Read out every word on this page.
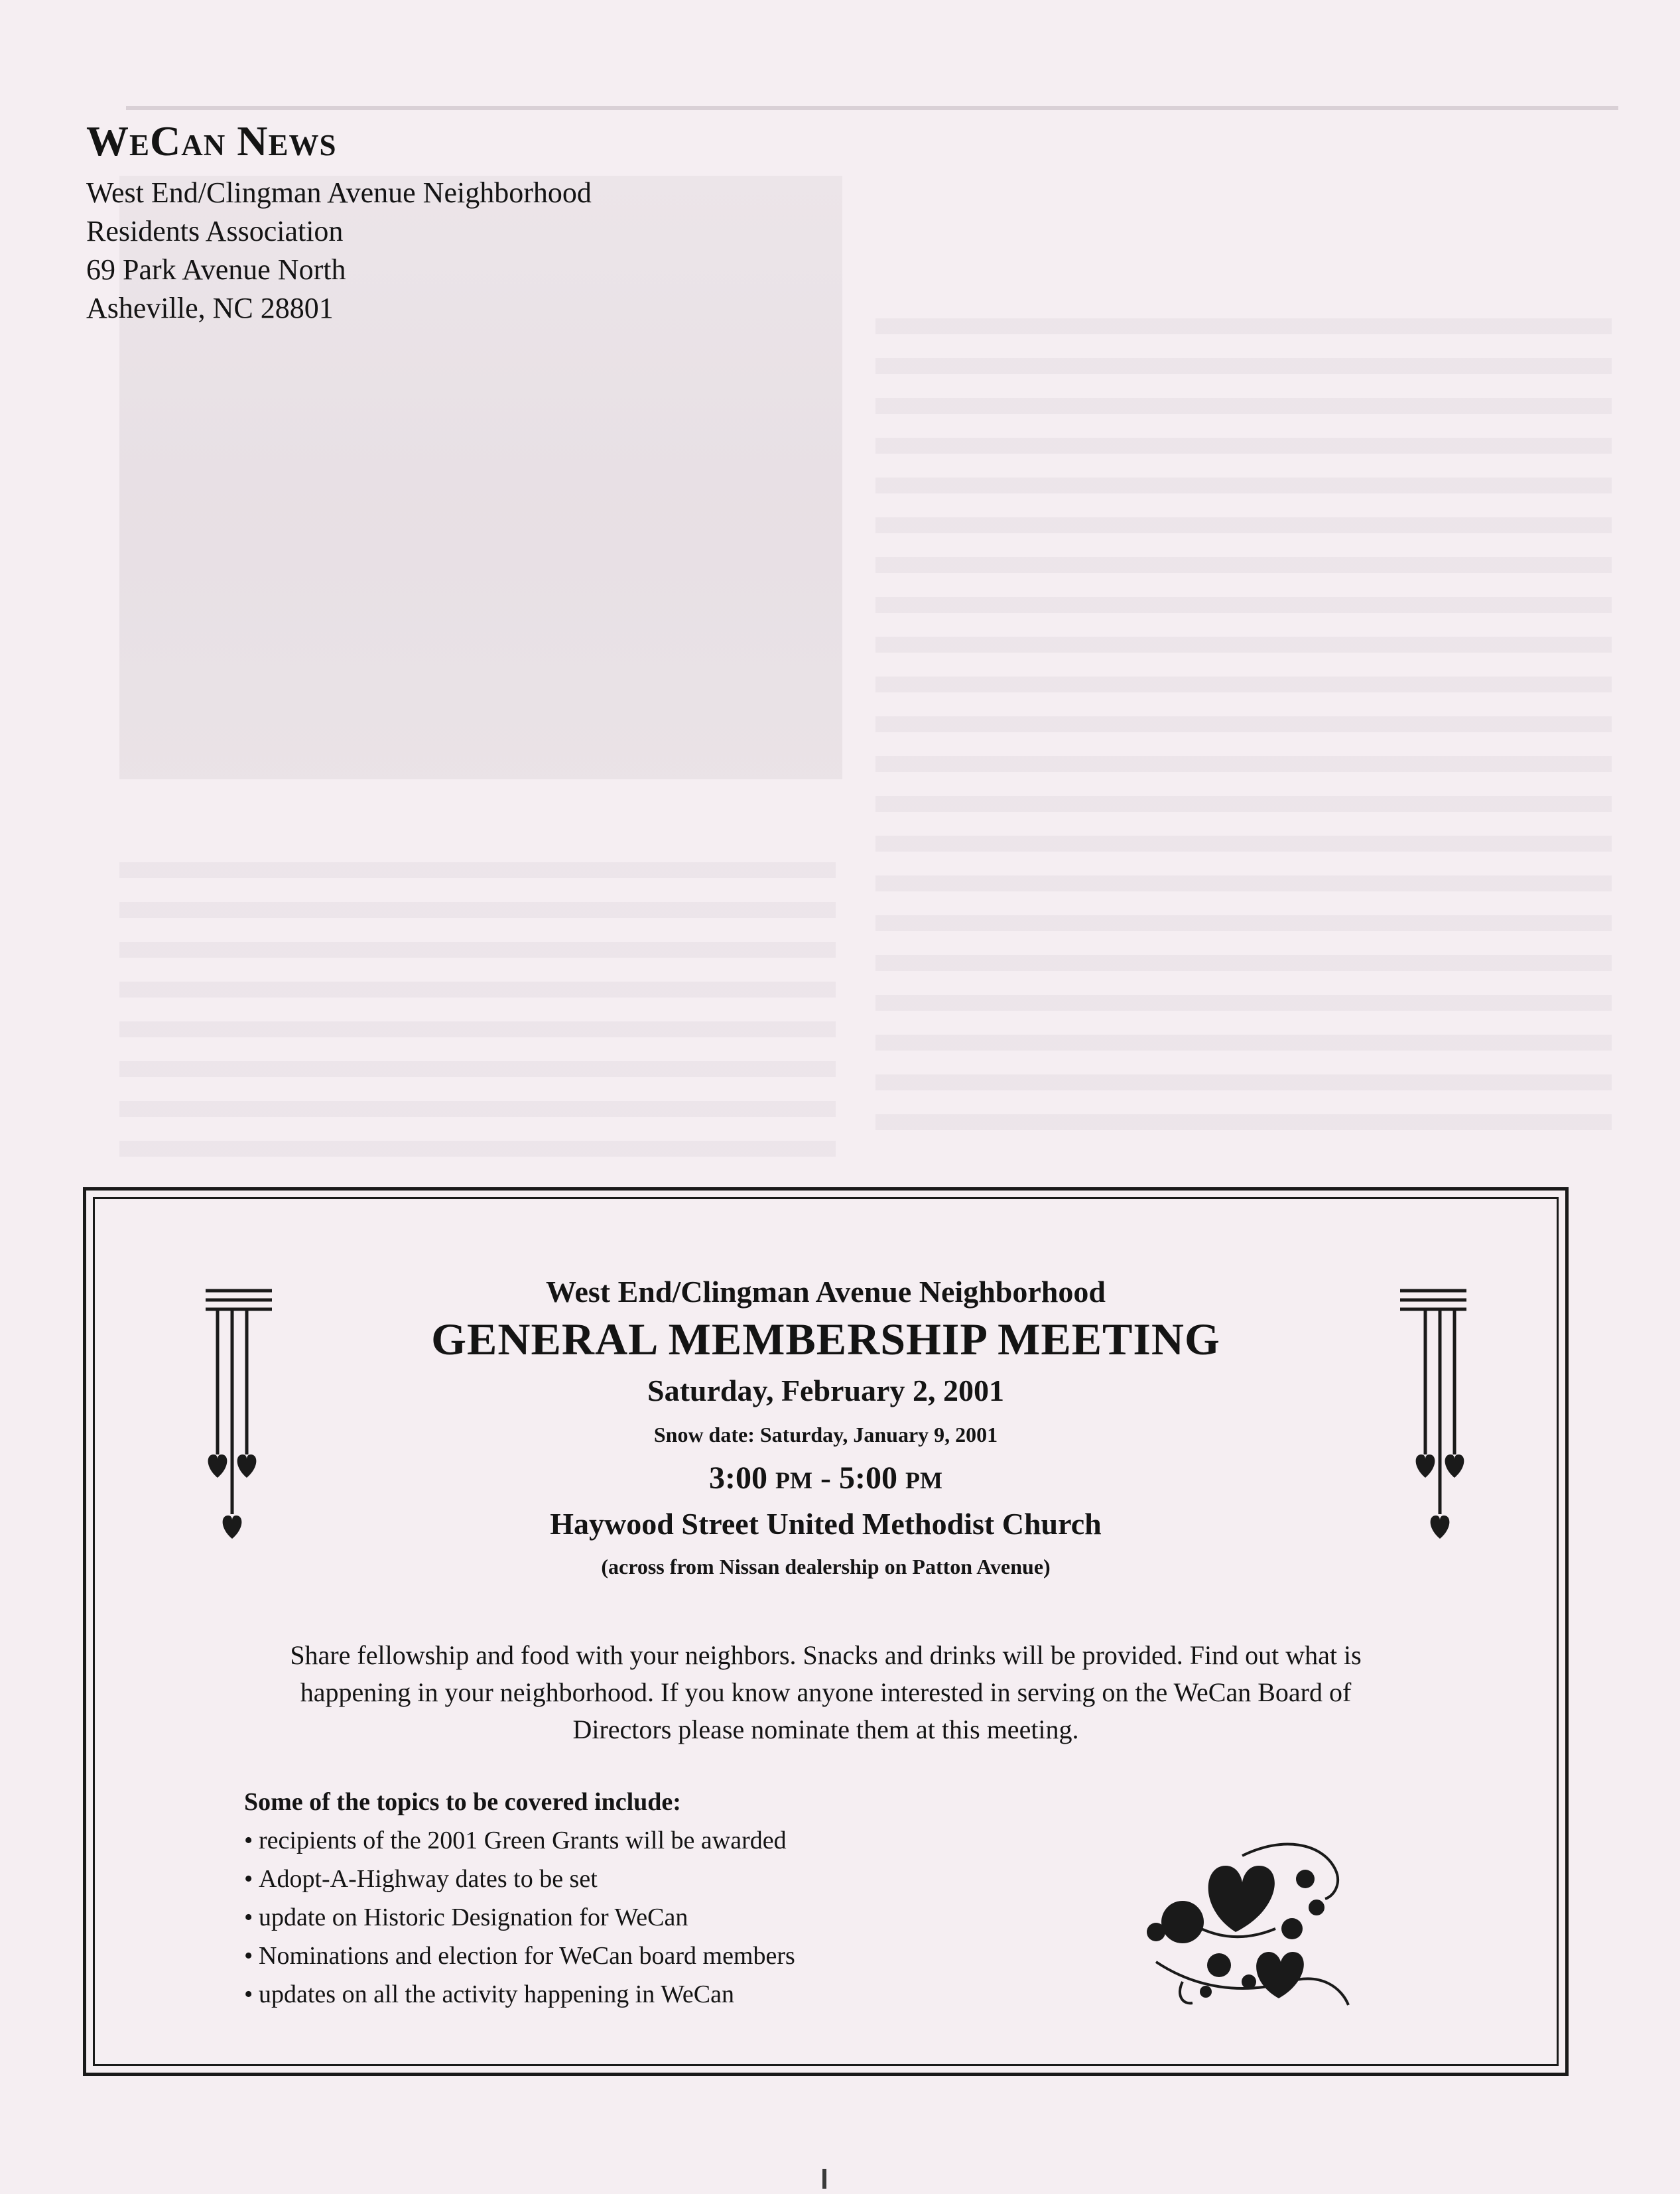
WeCan News
West End/Clingman Avenue Neighborhood
Residents Association
69 Park Avenue North
Asheville, NC 28801
West End/Clingman Avenue Neighborhood
GENERAL MEMBERSHIP MEETING
Saturday, February 2, 2001
Snow date: Saturday, January 9, 2001
3:00 PM - 5:00 PM
Haywood Street United Methodist Church
(across from Nissan dealership on Patton Avenue)
Share fellowship and food with your neighbors. Snacks and drinks will be provided. Find out what is
happening in your neighborhood. If you know anyone interested in serving on the WeCan Board of
Directors please nominate them at this meeting.
Some of the topics to be covered include:
• recipients of the 2001 Green Grants will be awarded
• Adopt-A-Highway dates to be set
• update on Historic Designation for WeCan
• Nominations and election for WeCan board members
• updates on all the activity happening in WeCan
